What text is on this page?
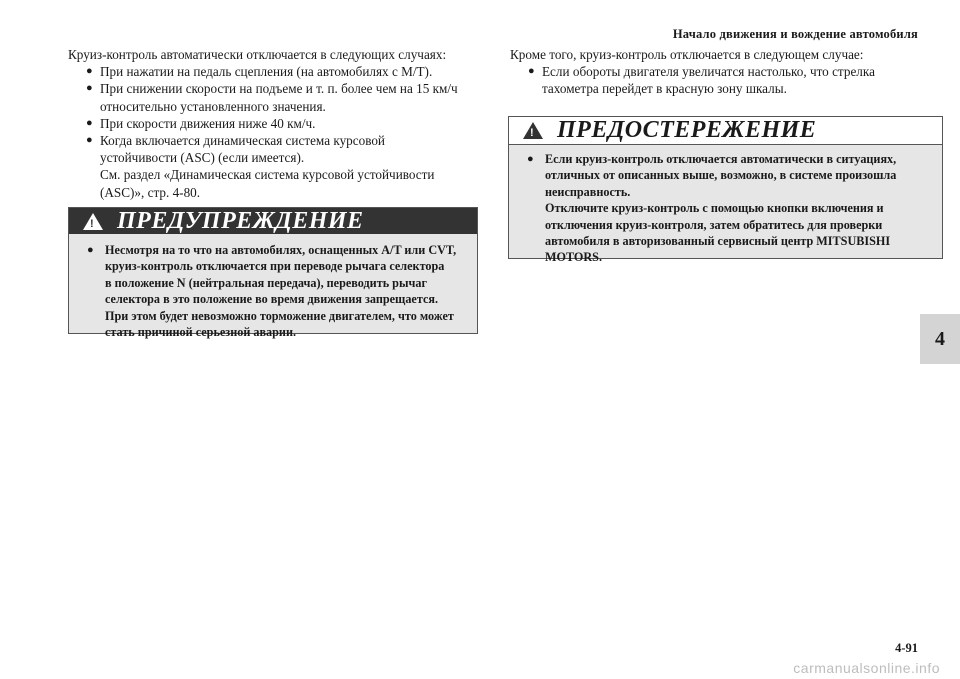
Начало движения и вождение автомобиля
4

Круиз-контроль автоматически отключается в следующих случаях:

● При нажатии на педаль сцепления (на автомобилях с M/T).
● При снижении скорости на подъеме и т. п. более чем на 15 км/ч
относительно установленного значения.
● При скорости движения ниже 40 км/ч.
● Когда включается динамическая система курсовой
устойчивости (ASC) (если имеется).
См. раздел «Динамическая система курсовой устойчивости
(ASC)», стр. 4-80.
! ПРЕДУПРЕЖДЕНИЕ
● Несмотря на то что на автомобилях, оснащенных A/T или CVT,
круиз-контроль отключается при переводе рычага селектора
в положение N (нейтральная передача), переводить рычаг
селектора в это положение во время движения запрещается.
При этом будет невозможно торможение двигателем, что может
стать причиной серьезной аварии.

Кроме того, круиз-контроль отключается в следующем случае:

● Если обороты двигателя увеличатся настолько, что стрелка
тахометра перейдет в красную зону шкалы.
! ПРЕДОСТЕРЕЖЕНИЕ
● Если круиз-контроль отключается автоматически в ситуациях,
отличных от описанных выше, возможно, в системе произошла
неисправность.
Отключите круиз-контроль с помощью кнопки включения и
отключения круиз-контроля, затем обратитесь для проверки
автомобиля в авторизованный сервисный центр MITSUBISHI
MOTORS.
4-91
carmanualsonline.info
